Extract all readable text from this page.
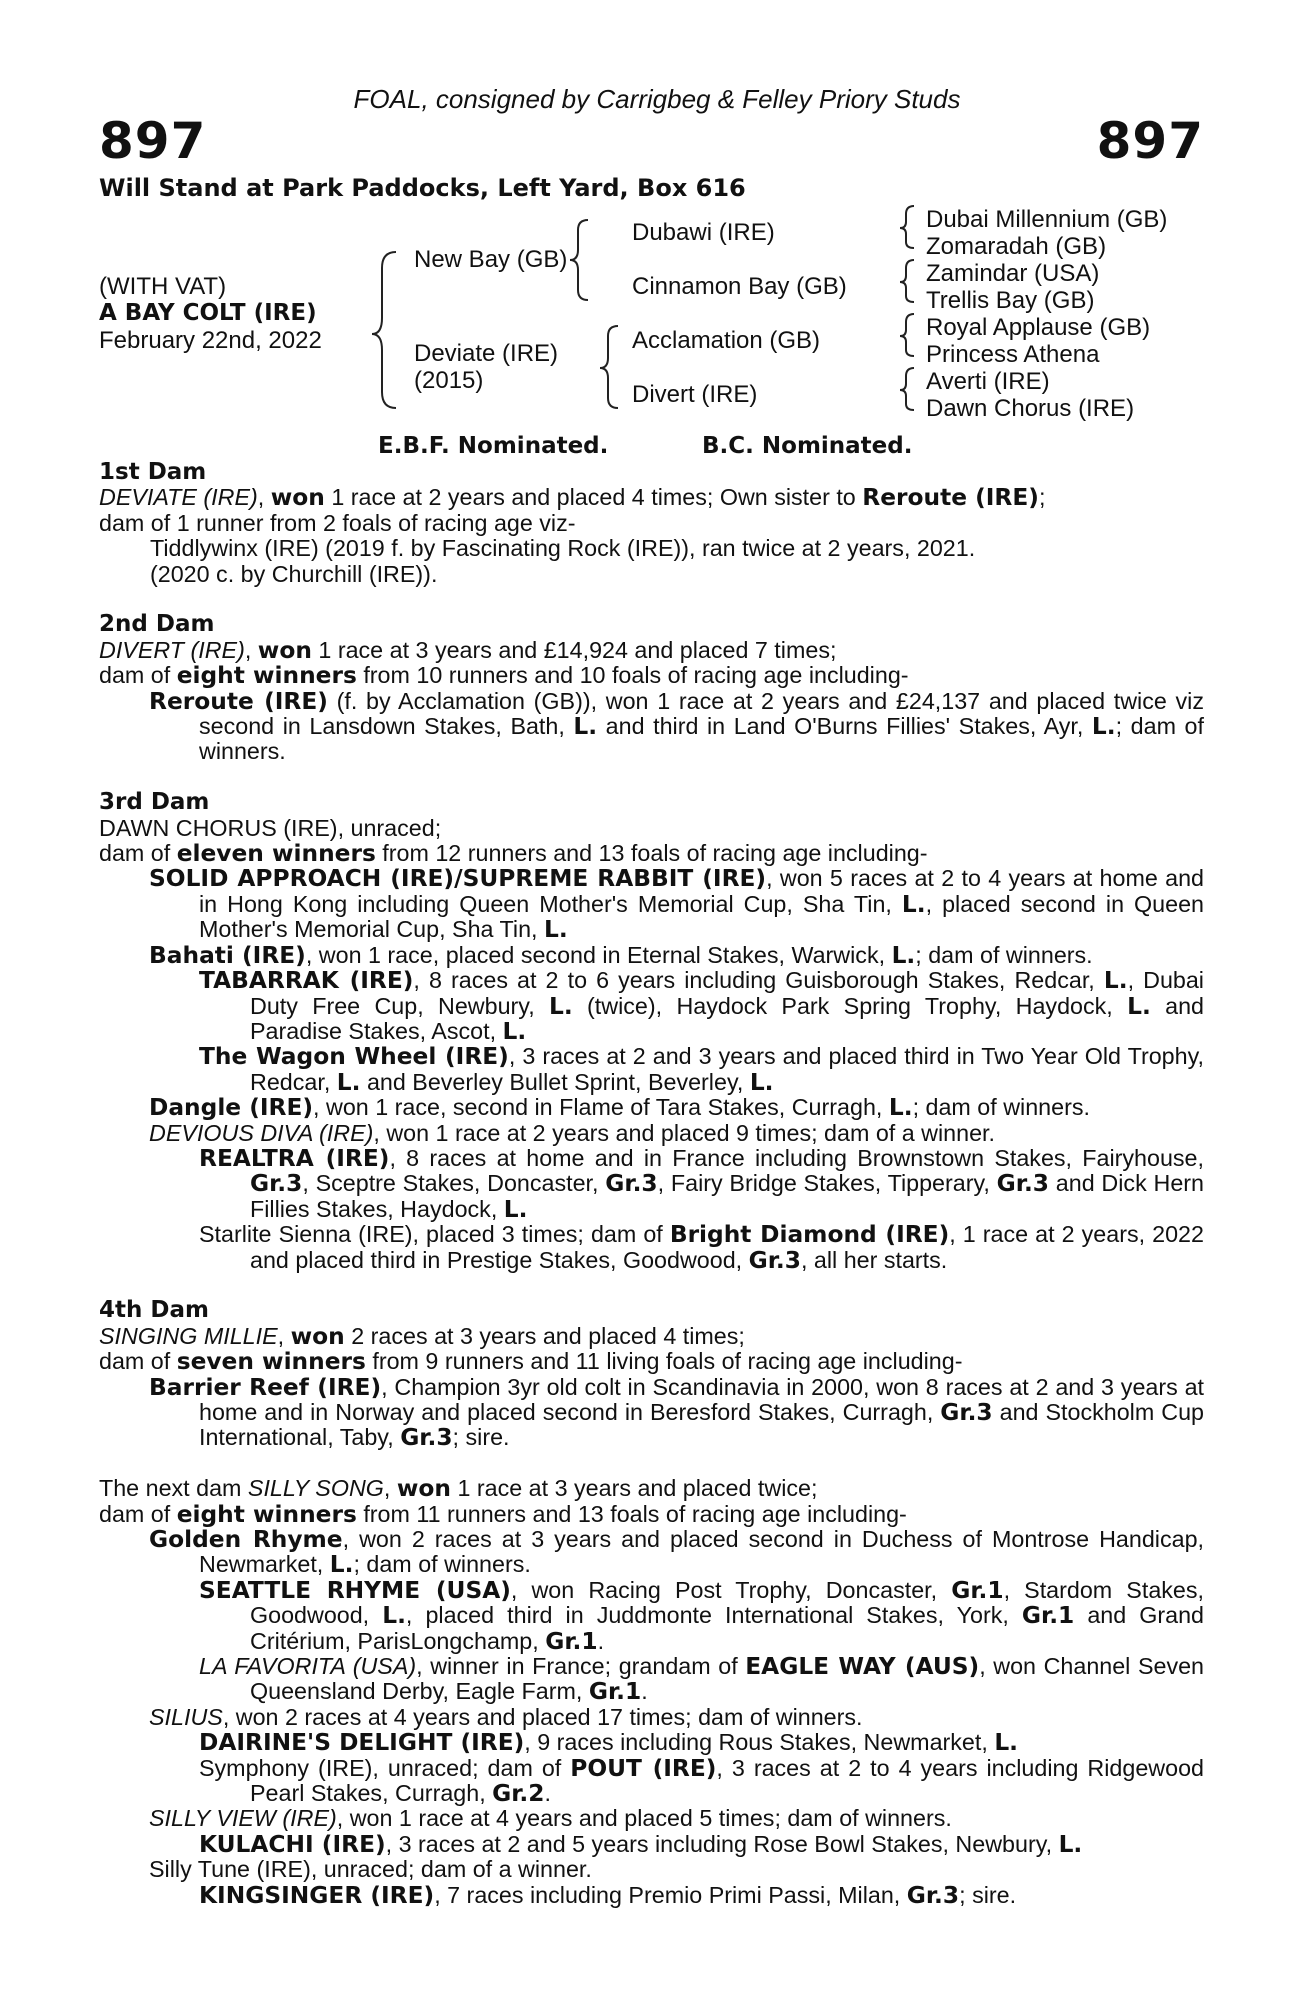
FOAL, consigned by Carrigbeg & Felley Priory Studs
897	897
Will Stand at Park Paddocks, Left Yard, Box 616
(WITH VAT)
A BAY COLT (IRE)
February 22nd, 2022
New Bay (GB)
Deviate (IRE)
(2015)
Dubawi (IRE)
Cinnamon Bay (GB)
Acclamation (GB)
Divert (IRE)
Dubai Millennium (GB)
Zomaradah (GB)
Zamindar (USA)
Trellis Bay (GB)
Royal Applause (GB)
Princess Athena
Averti (IRE)
Dawn Chorus (IRE)
E.B.F. Nominated.	B.C. Nominated.
1st Dam

DEVIATE (IRE), won 1 race at 2 years and placed 4 times; Own sister to Reroute (IRE);

dam of 1 runner from 2 foals of racing age viz-

Tiddlywinx (IRE) (2019 f. by Fascinating Rock (IRE)), ran twice at 2 years, 2021.

(2020 c. by Churchill (IRE)).

2nd Dam

DIVERT (IRE), won 1 race at 3 years and £14,924 and placed 7 times;

dam of eight winners from 10 runners and 10 foals of racing age including-

Reroute (IRE) (f. by Acclamation (GB)), won 1 race at 2 years and £24,137 and placed twice viz second in Lansdown Stakes, Bath, L. and third in Land O'Burns Fillies' Stakes, Ayr, L.; dam of winners.

3rd Dam

DAWN CHORUS (IRE), unraced;

dam of eleven winners from 12 runners and 13 foals of racing age including-

SOLID APPROACH (IRE)/SUPREME RABBIT (IRE), won 5 races at 2 to 4 years at home and in Hong Kong including Queen Mother's Memorial Cup, Sha Tin, L., placed second in Queen Mother's Memorial Cup, Sha Tin, L.

Bahati (IRE), won 1 race, placed second in Eternal Stakes, Warwick, L.; dam of winners.

TABARRAK (IRE), 8 races at 2 to 6 years including Guisborough Stakes, Redcar, L., Dubai Duty Free Cup, Newbury, L. (twice), Haydock Park Spring Trophy, Haydock, L. and Paradise Stakes, Ascot, L.

The Wagon Wheel (IRE), 3 races at 2 and 3 years and placed third in Two Year Old Trophy, Redcar, L. and Beverley Bullet Sprint, Beverley, L.

Dangle (IRE), won 1 race, second in Flame of Tara Stakes, Curragh, L.; dam of winners.

DEVIOUS DIVA (IRE), won 1 race at 2 years and placed 9 times; dam of a winner.

REALTRA (IRE), 8 races at home and in France including Brownstown Stakes, Fairyhouse, Gr.3, Sceptre Stakes, Doncaster, Gr.3, Fairy Bridge Stakes, Tipperary, Gr.3 and Dick Hern Fillies Stakes, Haydock, L.

Starlite Sienna (IRE), placed 3 times; dam of Bright Diamond (IRE), 1 race at 2 years, 2022 and placed third in Prestige Stakes, Goodwood, Gr.3, all her starts.

4th Dam

SINGING MILLIE, won 2 races at 3 years and placed 4 times;

dam of seven winners from 9 runners and 11 living foals of racing age including-

Barrier Reef (IRE), Champion 3yr old colt in Scandinavia in 2000, won 8 races at 2 and 3 years at home and in Norway and placed second in Beresford Stakes, Curragh, Gr.3 and Stockholm Cup International, Taby, Gr.3; sire.

The next dam SILLY SONG, won 1 race at 3 years and placed twice;

dam of eight winners from 11 runners and 13 foals of racing age including-

Golden Rhyme, won 2 races at 3 years and placed second in Duchess of Montrose Handicap, Newmarket, L.; dam of winners.

SEATTLE RHYME (USA), won Racing Post Trophy, Doncaster, Gr.1, Stardom Stakes, Goodwood, L., placed third in Juddmonte International Stakes, York, Gr.1 and Grand Critérium, ParisLongchamp, Gr.1.

LA FAVORITA (USA), winner in France; grandam of EAGLE WAY (AUS), won Channel Seven Queensland Derby, Eagle Farm, Gr.1.

SILIUS, won 2 races at 4 years and placed 17 times; dam of winners.

DAIRINE'S DELIGHT (IRE), 9 races including Rous Stakes, Newmarket, L.

Symphony (IRE), unraced; dam of POUT (IRE), 3 races at 2 to 4 years including Ridgewood Pearl Stakes, Curragh, Gr.2.

SILLY VIEW (IRE), won 1 race at 4 years and placed 5 times; dam of winners.

KULACHI (IRE), 3 races at 2 and 5 years including Rose Bowl Stakes, Newbury, L.

Silly Tune (IRE), unraced; dam of a winner.

KINGSINGER (IRE), 7 races including Premio Primi Passi, Milan, Gr.3; sire.
